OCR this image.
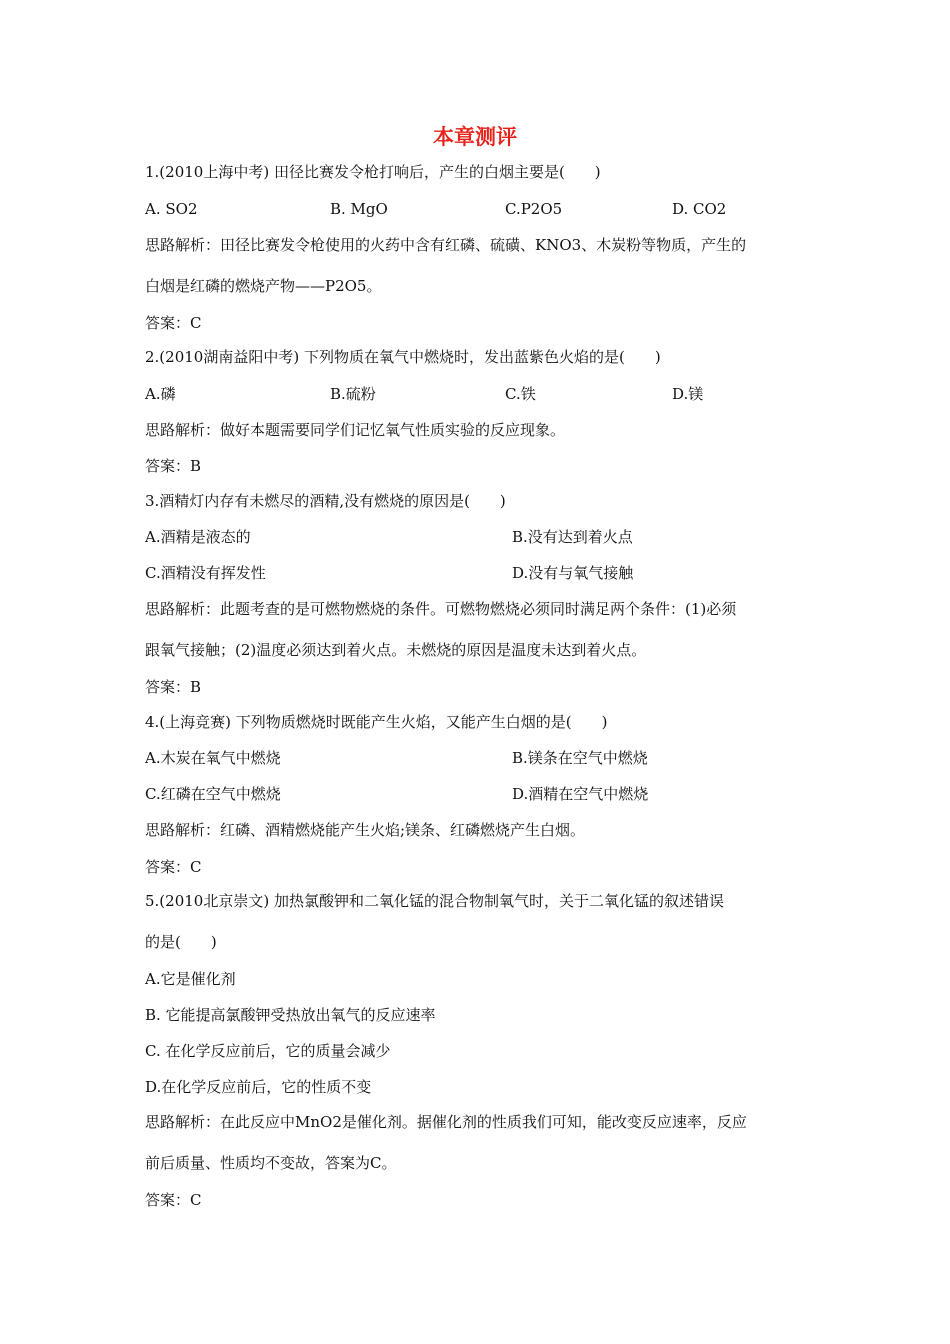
本章测评
1.(2010上海中考) 田径比赛发令枪打响后，产生的白烟主要是(　　)
A. SO2	B. MgO	C.P2O5	D. CO2
思路解析：田径比赛发令枪使用的火药中含有红磷、硫磺、KNO3、木炭粉等物质，产生的
白烟是红磷的燃烧产物——P2O5。
答案：C
2.(2010湖南益阳中考) 下列物质在氧气中燃烧时，发出蓝紫色火焰的是(　　)
A.磷	B.硫粉	C.铁	D.镁
思路解析：做好本题需要同学们记忆氧气性质实验的反应现象。
答案：B
3.酒精灯内存有未燃尽的酒精,没有燃烧的原因是(　　)
A.酒精是液态的	B.没有达到着火点
C.酒精没有挥发性	D.没有与氧气接触
思路解析：此题考查的是可燃物燃烧的条件。可燃物燃烧必须同时满足两个条件：(1)必须
跟氧气接触；(2)温度必须达到着火点。未燃烧的原因是温度未达到着火点。
答案：B
4.(上海竞赛) 下列物质燃烧时既能产生火焰，又能产生白烟的是(　　)
A.木炭在氧气中燃烧	B.镁条在空气中燃烧
C.红磷在空气中燃烧	D.酒精在空气中燃烧
思路解析：红磷、酒精燃烧能产生火焰;镁条、红磷燃烧产生白烟。
答案：C
5.(2010北京崇文) 加热氯酸钾和二氧化锰的混合物制氧气时，关于二氧化锰的叙述错误
的是(　　)
A.它是催化剂
B. 它能提高氯酸钾受热放出氧气的反应速率
C. 在化学反应前后，它的质量会减少
D.在化学反应前后，它的性质不变
思路解析：在此反应中MnO2是催化剂。据催化剂的性质我们可知，能改变反应速率，反应
前后质量、性质均不变故，答案为C。
答案：C
